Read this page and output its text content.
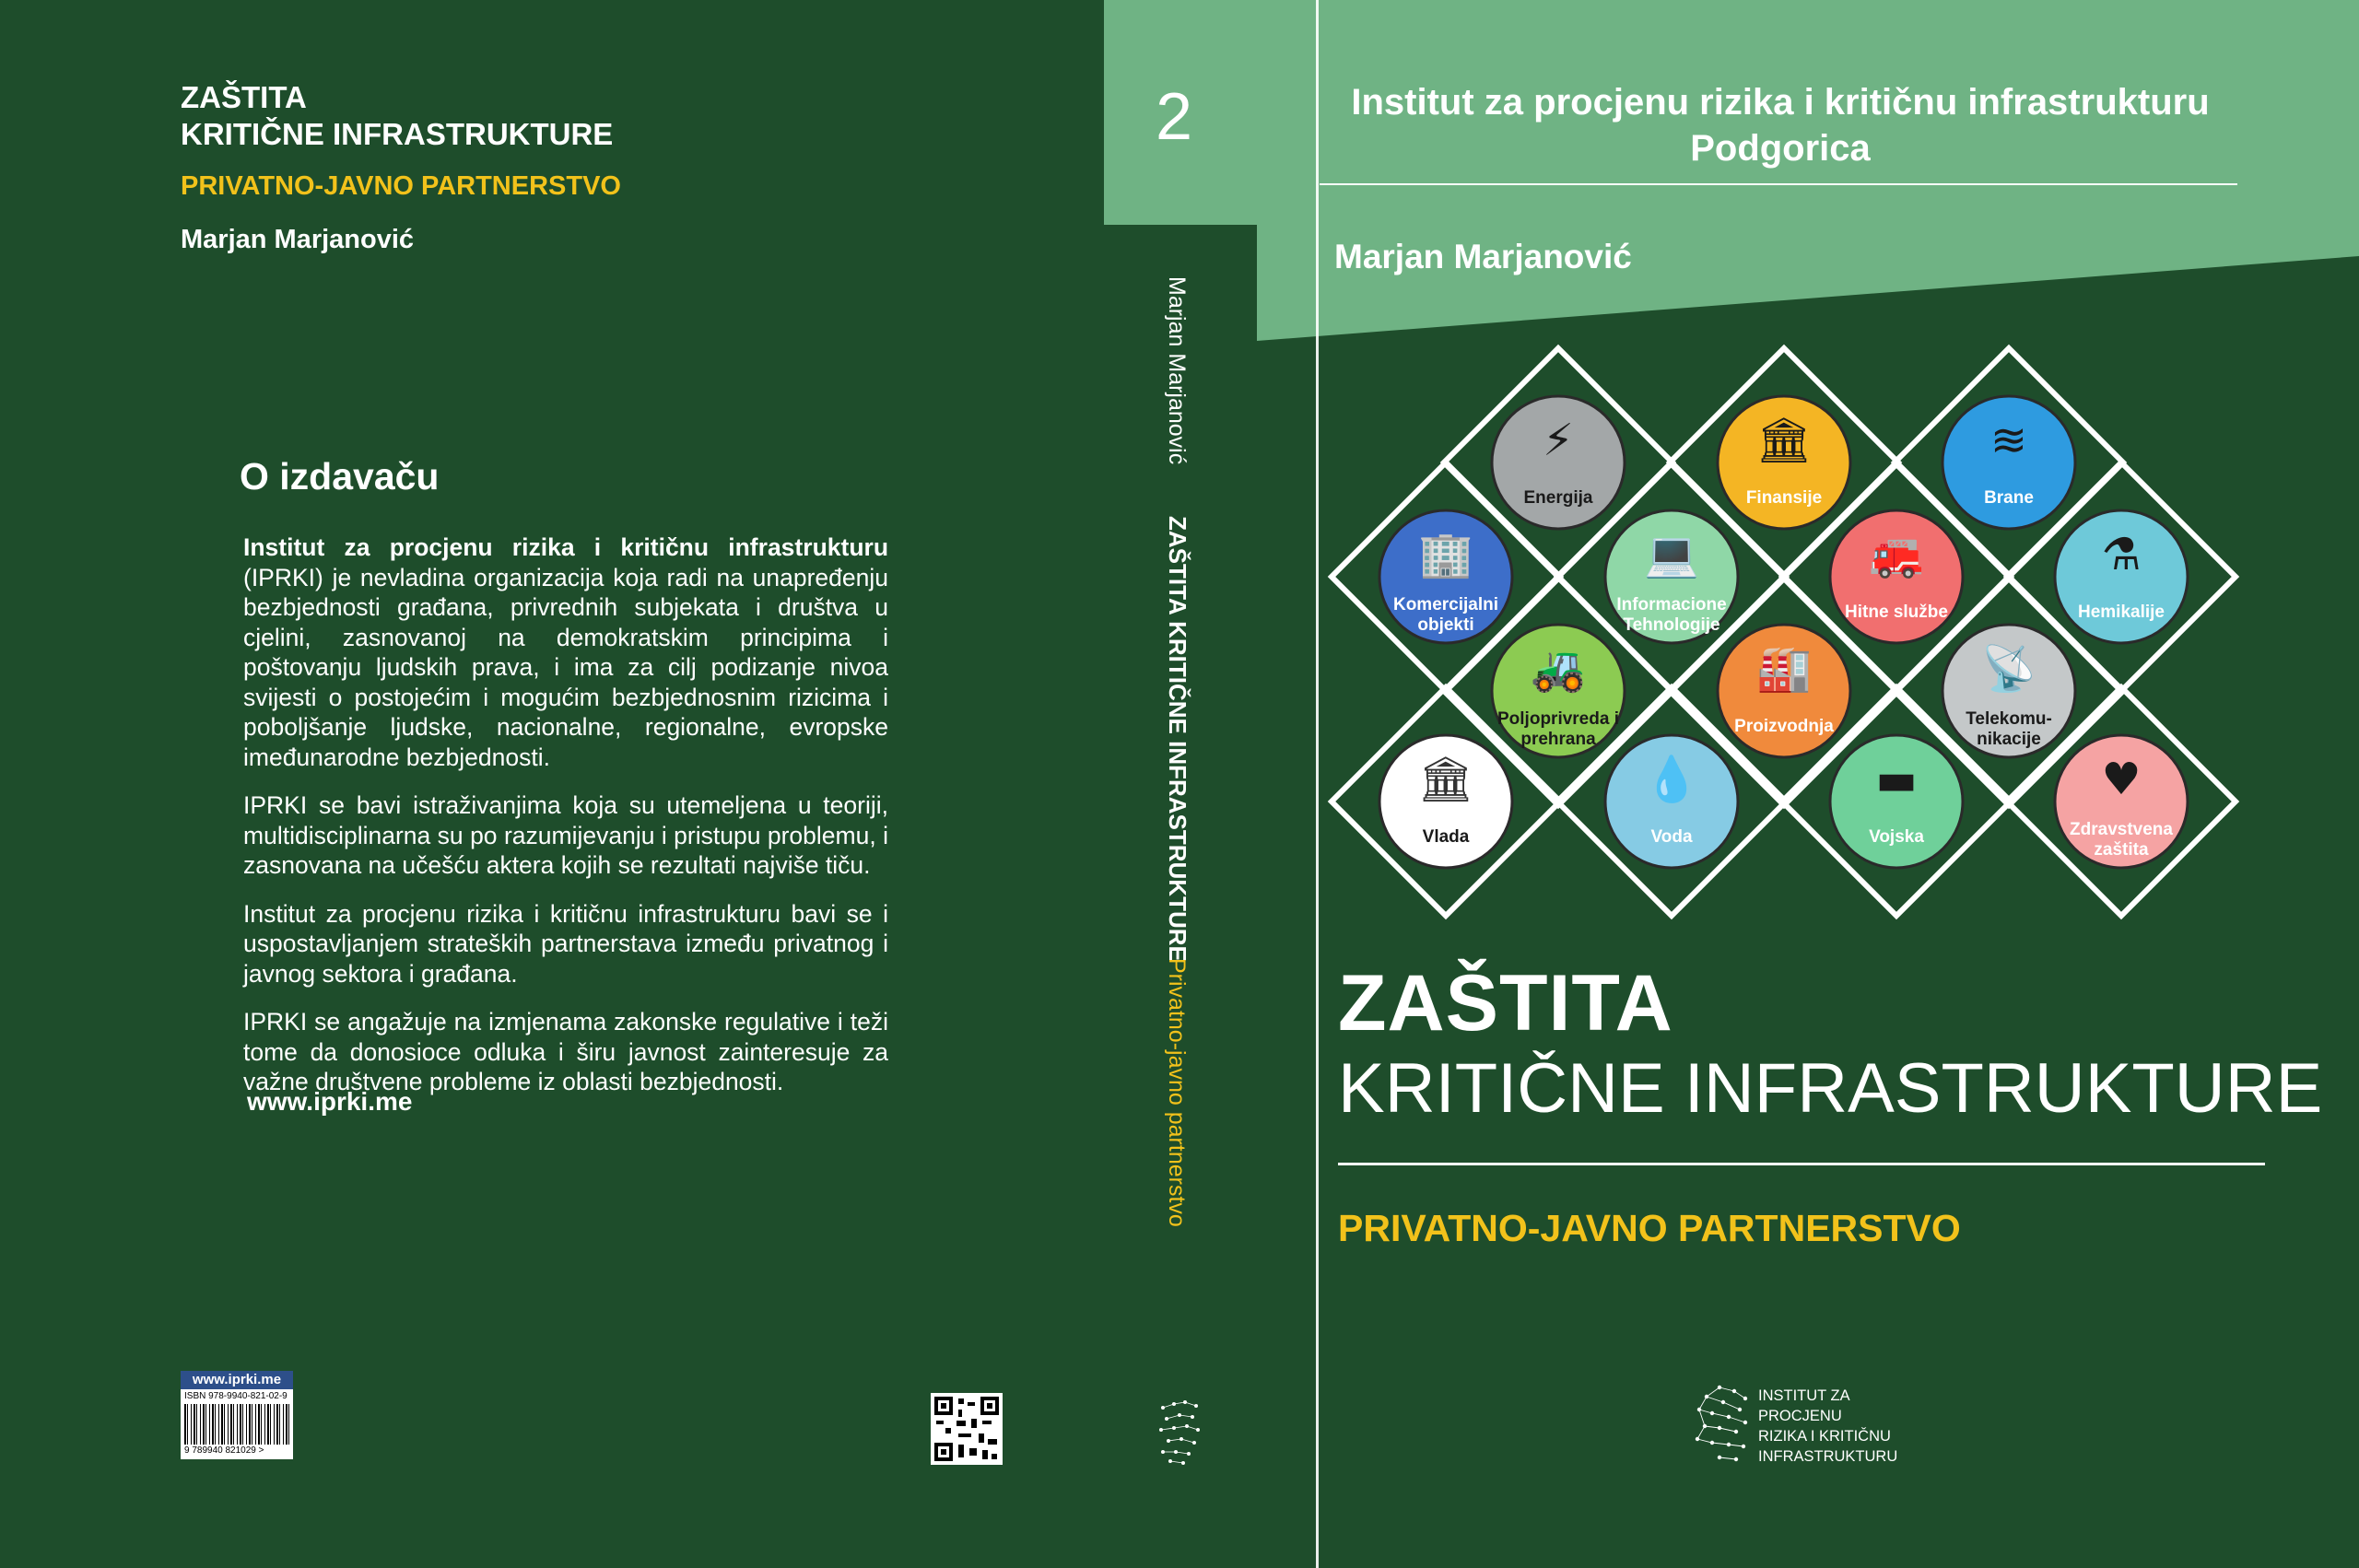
ZAŠTITA
KRITIČNE INFRASTRUKTURE
PRIVATNO-JAVNO PARTNERSTVO
Marjan Marjanović
O izdavaču

Institut za procjenu rizika i kritičnu infrastrukturu (IPRKI) je nevladina organizacija koja radi na unapređenju bezbjednosti građana, privrednih subjekata i društva u cjelini, zasnovanoj na demokratskim principima i poštovanju ljudskih prava, i ima za cilj podizanje nivoa svijesti o postojećim i mogućim bezbjednosnim rizicima i poboljšanje ljudske, nacionalne, regionalne, evropske imeđunarodne bezbjednosti.

IPRKI se bavi istraživanjima koja su utemeljena u teoriji, multidisciplinarna su po razumijevanju i pristupu problemu, i zasnovana na učešću aktera kojih se rezultati najviše tiču.

Institut za procjenu rizika i kritičnu infrastrukturu bavi se i uspostavljanjem strateških partnerstava između privatnog i javnog sektora i građana.

IPRKI se angažuje na izmjenama zakonske regulative i teži tome da donosioce odluka i širu javnost zainteresuje za važne društvene probleme iz oblasti bezbjednosti.

www.iprki.me
www.iprki.me
ISBN 978-9940-821-02-9
9 789940 821029 >
2
Marjan Marjanović
ZAŠTITA KRITIČNE INFRASTRUKTURE
Privatno-javno partnerstvo
Institut za procjenu rizika i kritičnu infrastrukturu
Podgorica
Marjan Marjanović
⚡
Energija
🏛
Finansije
≋
Brane
🏢
Komercijalni
objekti
💻
Informacione
Tehnologije
🚒
Hitne službe
⚗
Hemikalije
🚜
Poljoprivreda i
prehrana
🏭
Proizvodnja
📡
Telekomu-
nikacije
🏛
Vlada
💧
Voda
▬
Vojska
♥
Zdravstvena
zaštita
ZAŠTITA
KRITIČNE INFRASTRUKTURE
PRIVATNO-JAVNO PARTNERSTVO
INSTITUT ZA
PROCJENU
RIZIKA I KRITIČNU
INFRASTRUKTURU
